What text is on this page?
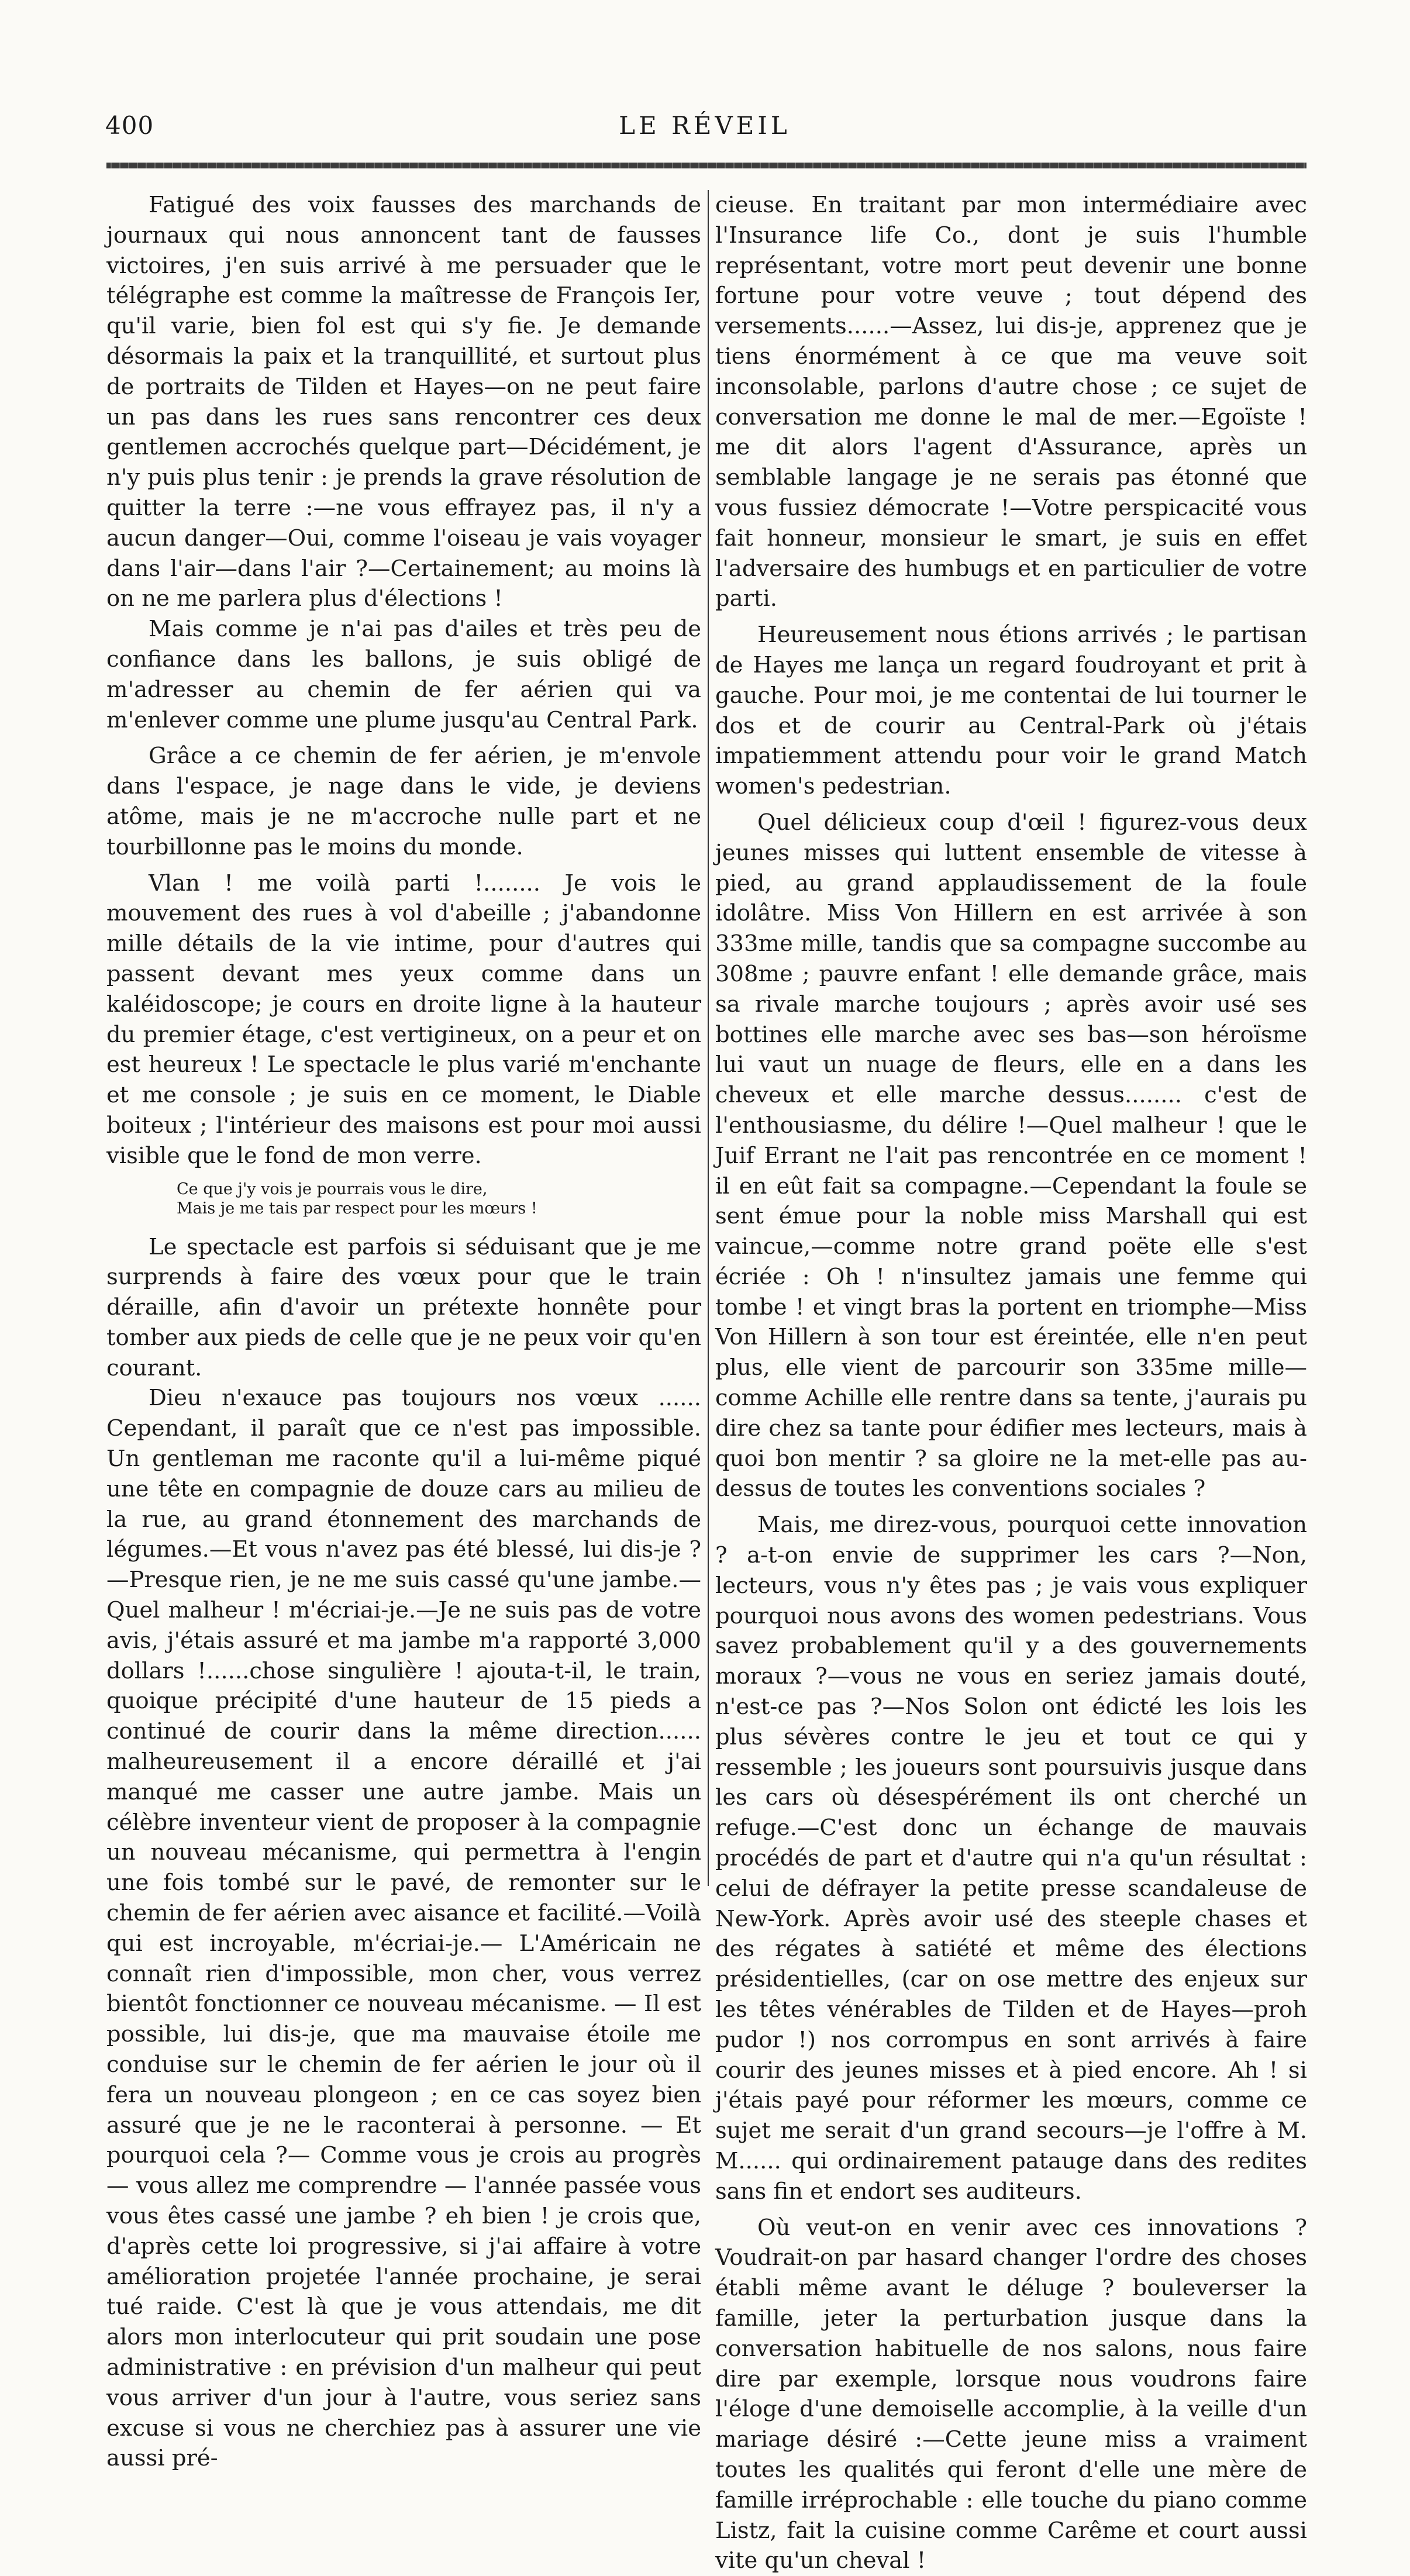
400	LE RÉVEIL

Fatigué des voix fausses des marchands de journaux qui nous annoncent tant de fausses victoires, j'en suis arrivé à me persuader que le télégraphe est comme la maîtresse de François Ier, qu'il varie, bien fol est qui s'y fie. Je demande désormais la paix et la tranquillité, et surtout plus de portraits de Tilden et Hayes—on ne peut faire un pas dans les rues sans rencontrer ces deux gentlemen accrochés quelque part—Décidément, je n'y puis plus tenir : je prends la grave résolution de quitter la terre :—ne vous effrayez pas, il n'y a aucun danger—Oui, comme l'oiseau je vais voyager dans l'air—dans l'air ?—Certainement; au moins là on ne me parlera plus d'élections !

Mais comme je n'ai pas d'ailes et très peu de confiance dans les ballons, je suis obligé de m'adresser au chemin de fer aérien qui va m'enlever comme une plume jusqu'au Central Park.

Grâce a ce chemin de fer aérien, je m'envole dans l'espace, je nage dans le vide, je deviens atôme, mais je ne m'accroche nulle part et ne tourbillonne pas le moins du monde.

Vlan ! me voilà parti !........ Je vois le mouvement des rues à vol d'abeille ; j'abandonne mille détails de la vie intime, pour d'autres qui passent devant mes yeux comme dans un kaléidoscope; je cours en droite ligne à la hauteur du premier étage, c'est vertigineux, on a peur et on est heureux ! Le spectacle le plus varié m'enchante et me console ; je suis en ce moment, le Diable boiteux ; l'intérieur des maisons est pour moi aussi visible que le fond de mon verre.

Ce que j'y vois je pourrais vous le dire,
Mais je me tais par respect pour les mœurs !

Le spectacle est parfois si séduisant que je me surprends à faire des vœux pour que le train déraille, afin d'avoir un prétexte honnête pour tomber aux pieds de celle que je ne peux voir qu'en courant.

Dieu n'exauce pas toujours nos vœux ...... Cependant, il paraît que ce n'est pas impossible. Un gentleman me raconte qu'il a lui-même piqué une tête en compagnie de douze cars au milieu de la rue, au grand étonnement des marchands de légumes.—Et vous n'avez pas été blessé, lui dis-je ?—Presque rien, je ne me suis cassé qu'une jambe.—Quel malheur ! m'écriai-je.—Je ne suis pas de votre avis, j'étais assuré et ma jambe m'a rapporté 3,000 dollars !......chose singulière ! ajouta-t-il, le train, quoique précipité d'une hauteur de 15 pieds a continué de courir dans la même direction...... malheureusement il a encore déraillé et j'ai manqué me casser une autre jambe. Mais un célèbre inventeur vient de proposer à la compagnie un nouveau mécanisme, qui permettra à l'engin une fois tombé sur le pavé, de remonter sur le chemin de fer aérien avec aisance et facilité.—Voilà qui est incroyable, m'écriai-je.— L'Américain ne connaît rien d'impossible, mon cher, vous verrez bientôt fonctionner ce nouveau mécanisme. — Il est possible, lui dis-je, que ma mauvaise étoile me conduise sur le chemin de fer aérien le jour où il fera un nouveau plongeon ; en ce cas soyez bien assuré que je ne le raconterai à personne. — Et pourquoi cela ?— Comme vous je crois au progrès — vous allez me comprendre — l'année passée vous vous êtes cassé une jambe ? eh bien ! je crois que, d'après cette loi progressive, si j'ai affaire à votre amélioration projetée l'année prochaine, je serai tué raide. C'est là que je vous attendais, me dit alors mon interlocuteur qui prit soudain une pose administrative : en prévision d'un malheur qui peut vous arriver d'un jour à l'autre, vous seriez sans excuse si vous ne cherchiez pas à assurer une vie aussi pré-

cieuse. En traitant par mon intermédiaire avec l'Insurance life Co., dont je suis l'humble représentant, votre mort peut devenir une bonne fortune pour votre veuve ; tout dépend des versements......—Assez, lui dis-je, apprenez que je tiens énormément à ce que ma veuve soit inconsolable, parlons d'autre chose ; ce sujet de conversation me donne le mal de mer.—Egoïste ! me dit alors l'agent d'Assurance, après un semblable langage je ne serais pas étonné que vous fussiez démocrate !—Votre perspicacité vous fait honneur, monsieur le smart, je suis en effet l'adversaire des humbugs et en particulier de votre parti.

Heureusement nous étions arrivés ; le partisan de Hayes me lança un regard foudroyant et prit à gauche. Pour moi, je me contentai de lui tourner le dos et de courir au Central-Park où j'étais impatiemment attendu pour voir le grand Match women's pedestrian.

Quel délicieux coup d'œil ! figurez-vous deux jeunes misses qui luttent ensemble de vitesse à pied, au grand applaudissement de la foule idolâtre. Miss Von Hillern en est arrivée à son 333me mille, tandis que sa compagne succombe au 308me ; pauvre enfant ! elle demande grâce, mais sa rivale marche toujours ; après avoir usé ses bottines elle marche avec ses bas—son héroïsme lui vaut un nuage de fleurs, elle en a dans les cheveux et elle marche dessus........ c'est de l'enthousiasme, du délire !—Quel malheur ! que le Juif Errant ne l'ait pas rencontrée en ce moment ! il en eût fait sa compagne.—Cependant la foule se sent émue pour la noble miss Marshall qui est vaincue,—comme notre grand poëte elle s'est écriée : Oh ! n'insultez jamais une femme qui tombe ! et vingt bras la portent en triomphe—Miss Von Hillern à son tour est éreintée, elle n'en peut plus, elle vient de parcourir son 335me mille—comme Achille elle rentre dans sa tente, j'aurais pu dire chez sa tante pour édifier mes lecteurs, mais à quoi bon mentir ? sa gloire ne la met-elle pas au-dessus de toutes les conventions sociales ?

Mais, me direz-vous, pourquoi cette innovation ? a-t-on envie de supprimer les cars ?—Non, lecteurs, vous n'y êtes pas ; je vais vous expliquer pourquoi nous avons des women pedestrians. Vous savez probablement qu'il y a des gouvernements moraux ?—vous ne vous en seriez jamais douté, n'est-ce pas ?—Nos Solon ont édicté les lois les plus sévères contre le jeu et tout ce qui y ressemble ; les joueurs sont poursuivis jusque dans les cars où désespérément ils ont cherché un refuge.—C'est donc un échange de mauvais procédés de part et d'autre qui n'a qu'un résultat : celui de défrayer la petite presse scandaleuse de New-York. Après avoir usé des steeple chases et des régates à satiété et même des élections présidentielles, (car on ose mettre des enjeux sur les têtes vénérables de Tilden et de Hayes—proh pudor !) nos corrompus en sont arrivés à faire courir des jeunes misses et à pied encore. Ah ! si j'étais payé pour réformer les mœurs, comme ce sujet me serait d'un grand secours—je l'offre à M. M...... qui ordinairement patauge dans des redites sans fin et endort ses auditeurs.

Où veut-on en venir avec ces innovations ? Voudrait-on par hasard changer l'ordre des choses établi même avant le déluge ? bouleverser la famille, jeter la perturbation jusque dans la conversation habituelle de nos salons, nous faire dire par exemple, lorsque nous voudrons faire l'éloge d'une demoiselle accomplie, à la veille d'un mariage désiré :—Cette jeune miss a vraiment toutes les qualités qui feront d'elle une mère de famille irréprochable : elle touche du piano comme Listz, fait la cuisine comme Carême et court aussi vite qu'un cheval !
